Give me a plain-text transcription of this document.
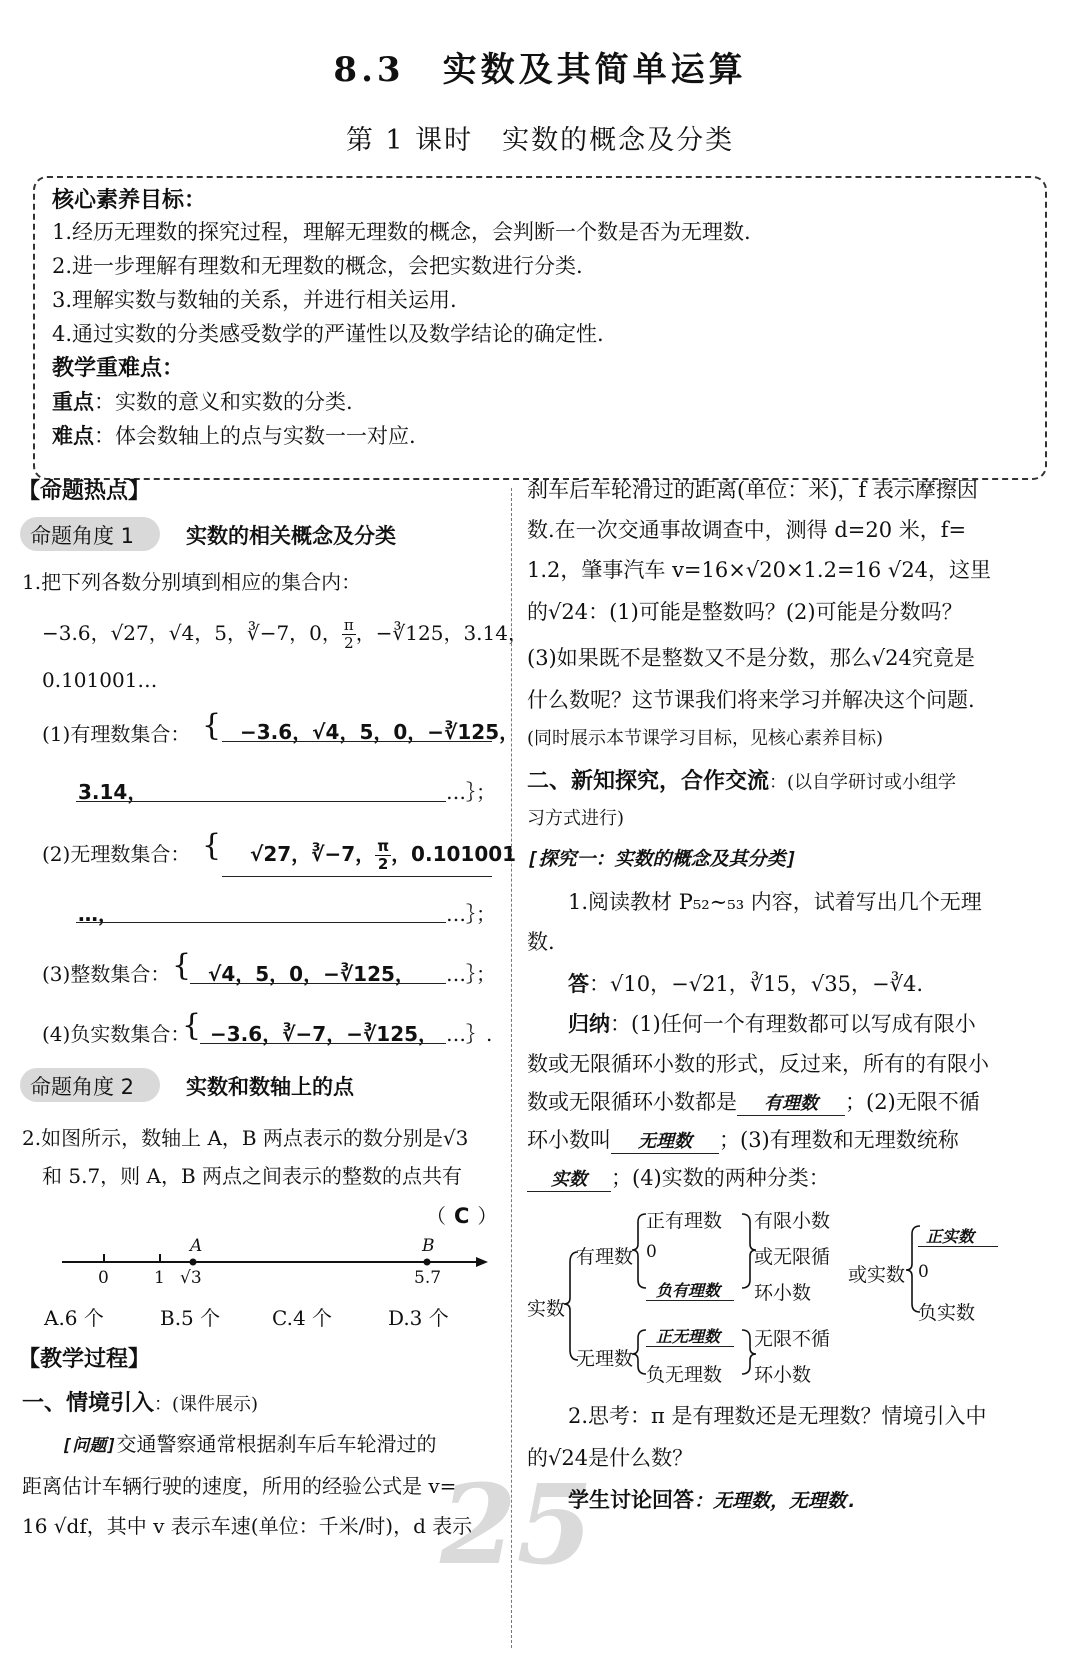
8.3　实数及其简单运算
第 1 课时　实数的概念及分类
核心素养目标：
1.经历无理数的探究过程，理解无理数的概念，会判断一个数是否为无理数.
2.进一步理解有理数和无理数的概念，会把实数进行分类.
3.理解实数与数轴的关系，并进行相关运用.
4.通过实数的分类感受数学的严谨性以及数学结论的确定性.
教学重难点：
重点：实数的意义和实数的分类.
难点：体会数轴上的点与实数一一对应.
【命题热点】
命题角度 1 实数的相关概念及分类
1.把下列各数分别填到相应的集合内：
−3.6，√27，√4，5，∛−7，0， $\frac{\pi}{2}$ ，−∛125，3.14，
0.101001…
(1)有理数集合： { −3.6，√4，5，0，−∛125，
3.14，	…｝；
(2)无理数集合： { √27，∛−7， $\frac{\pi}{2}$ ，0.101001
…，	…｝；
(3)整数集合： { √4，5，0，−∛125， …｝；
(4)负实数集合：
{ −3.6，∛−7，−∛125， …｝.
命题角度 2 实数和数轴上的点
2.如图所示，数轴上 A，B 两点表示的数分别是√3
和 5.7，则 A，B 两点之间表示的整数的点共有
（ C ）
A	B
0	1 √3	5.7
A.6 个	B.5 个	C.4 个	D.3 个
【教学过程】
一、情境引入：(课件展示)
[问题]交通警察通常根据刹车后车轮滑过的
距离估计车辆行驶的速度，所用的经验公式是 v=
16 √df，其中 v 表示车速(单位：千米/时)，d 表示
25
刹车后车轮滑过的距离(单位：米)，f 表示摩擦因
数.在一次交通事故调查中，测得 d=20 米，f=
1.2，肇事汽车 v=16×√20×1.2=16 √24，这里
的√24：(1)可能是整数吗？(2)可能是分数吗？
(3)如果既不是整数又不是分数，那么√24究竟是
什么数呢？这节课我们将来学习并解决这个问题.
(同时展示本节课学习目标，见核心素养目标)
二、新知探究，合作交流：(以自学研讨或小组学
习方式进行)
[探究一：实数的概念及其分类]
1.阅读教材 P₅₂∼₅₃ 内容，试着写出几个无理
数.
答：√10，−√21，∛15，√35，−∛4.
归纳：(1)任何一个有理数都可以写成有限小
数或无限循环小数的形式，反过来，所有的有限小
数或无限循环小数都是 有理数 ；(2)无限不循
环小数叫 无理数 ；(3)有理数和无理数统称
实数 ；(4)实数的两种分类：
实数
有理数
正有理数
0
负有理数
有限小数
或无限循
环小数
无理数
正无理数
负无理数
无限不循
环小数
或实数
正实数
0
负实数
2.思考：π 是有理数还是无理数？情境引入中
的√24是什么数？
学生讨论回答：无理数，无理数.
